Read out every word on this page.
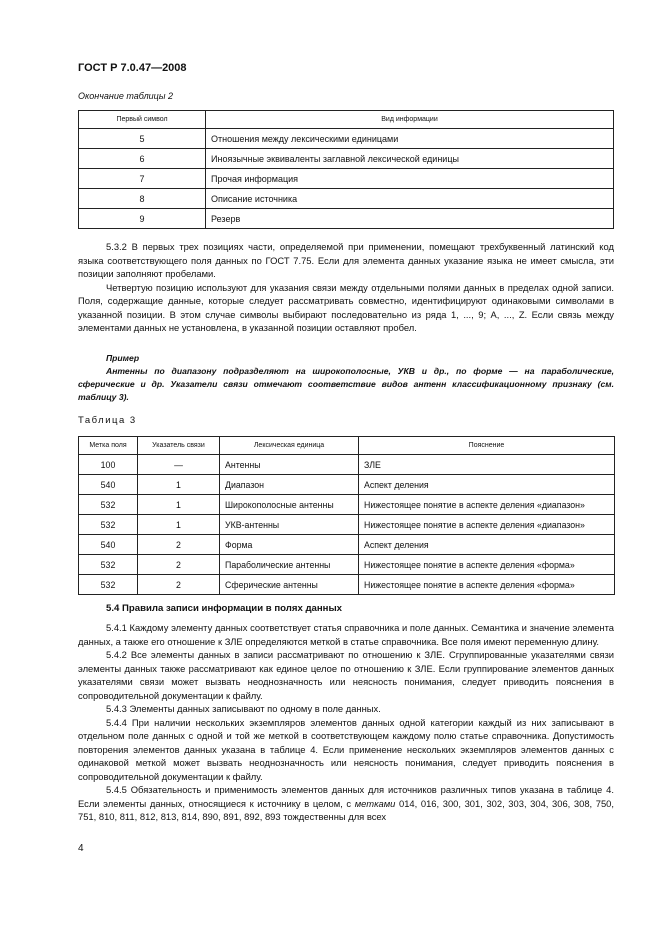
ГОСТ Р 7.0.47—2008
Окончание таблицы 2
Первый символ	Вид информации
5	Отношения между лексическими единицами
6	Иноязычные эквиваленты заглавной лексической единицы
7	Прочая информация
8	Описание источника
9	Резерв

5.3.2 В первых трех позициях части, определяемой при применении, помещают трехбуквенный латинский код языка соответствующего поля данных по ГОСТ 7.75. Если для элемента данных указание языка не имеет смысла, эти позиции заполняют пробелами.

Четвертую позицию используют для указания связи между отдельными полями данных в пределах одной записи. Поля, содержащие данные, которые следует рассматривать совместно, идентифицируют одинаковыми символами в указанной позиции. В этом случае символы выбирают последовательно из ряда 1, ..., 9; A, ..., Z. Если связь между элементами данных не установлена, в указанной позиции оставляют пробел.

Пример

Антенны по диапазону подразделяют на широкополосные, УКВ и др., по форме — на параболические, сферические и др. Указатели связи отмечают соответствие видов антенн классификационному признаку (см. таблицу 3).

Таблица 3
Метка поля	Указатель связи	Лексическая единица	Пояснение
100	—	Антенны	ЗЛЕ
540	1	Диапазон	Аспект деления
532	1	Широкополосные антенны	Нижестоящее понятие в аспекте деления «диапазон»
532	1	УКВ-антенны	Нижестоящее понятие в аспекте деления «диапазон»
540	2	Форма	Аспект деления
532	2	Параболические антенны	Нижестоящее понятие в аспекте деления «форма»
532	2	Сферические антенны	Нижестоящее понятие в аспекте деления «форма»
5.4 Правила записи информации в полях данных

5.4.1 Каждому элементу данных соответствует статья справочника и поле данных. Семантика и значение элемента данных, а также его отношение к ЗЛЕ определяются меткой в статье справочника. Все поля имеют переменную длину.

5.4.2 Все элементы данных в записи рассматривают по отношению к ЗЛЕ. Сгруппированные указателями связи элементы данных также рассматривают как единое целое по отношению к ЗЛЕ. Если группирование элементов данных указателями связи может вызвать неоднозначность или неясность понимания, следует приводить пояснения в сопроводительной документации к файлу.

5.4.3 Элементы данных записывают по одному в поле данных.

5.4.4 При наличии нескольких экземпляров элементов данных одной категории каждый из них записывают в отдельном поле данных с одной и той же меткой в соответствующем каждому полю статье справочника. Допустимость повторения элементов данных указана в таблице 4. Если применение нескольких экземпляров элементов данных с одинаковой меткой может вызвать неоднозначность или неясность понимания, следует приводить пояснения в сопроводительной документации к файлу.

5.4.5 Обязательность и применимость элементов данных для источников различных типов указана в таблице 4. Если элементы данных, относящиеся к источнику в целом, с метками 014, 016, 300, 301, 302, 303, 304, 306, 308, 750, 751, 810, 811, 812, 813, 814, 890, 891, 892, 893 тождественны для всех

4
